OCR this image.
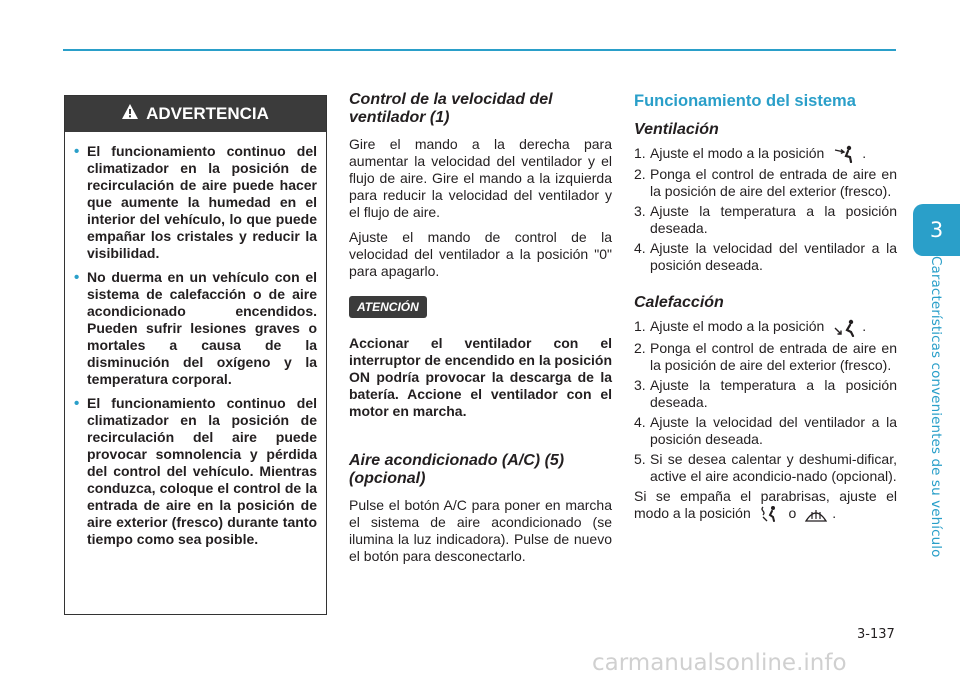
3
Características convenientes de su vehículo
ADVERTENCIA
• El funcionamiento continuo del climatizador en la posición de recirculación de aire puede hacer que aumente la humedad en el interior del vehículo, lo que puede empañar los cristales y reducir la visibilidad.
• No duerma en un vehículo con el sistema de calefacción o de aire acondicionado encendidos. Pueden sufrir lesiones graves o mortales a causa de la disminución del oxígeno y la temperatura corporal.
• El funcionamiento continuo del climatizador en la posición de recirculación del aire puede provocar somnolencia y pérdida del control del vehículo. Mientras conduzca, coloque el control de la entrada de aire en la posición de aire exterior (fresco) durante tanto tiempo como sea posible.
Control de la velocidad del ventilador (1)

Gire el mando a la derecha para aumentar la velocidad del ventilador y el flujo de aire. Gire el mando a la izquierda para reducir la velocidad del ventilador y el flujo de aire.

Ajuste el mando de control de la velocidad del ventilador a la posición "0" para apagarlo.

ATENCIÓN

Accionar el ventilador con el interruptor de encendido en la posición ON podría provocar la descarga de la batería. Accione el ventilador con el motor en marcha.

Aire acondicionado (A/C) (5) (opcional)

Pulse el botón A/C para poner en marcha el sistema de aire acondicionado (se ilumina la luz indicadora). Pulse de nuevo el botón para desconectarlo.

Funcionamiento del sistema
Ventilación
1. Ajuste el modo a la posición	.
2. Ponga el control de entrada de aire en la posición de aire del exterior (fresco).
3. Ajuste la temperatura a la posición deseada.
4. Ajuste la velocidad del ventilador a la posición deseada.
Calefacción
1. Ajuste el modo a la posición	.
2. Ponga el control de entrada de aire en la posición de aire del exterior (fresco).
3. Ajuste la temperatura a la posición deseada.
4. Ajuste la velocidad del ventilador a la posición deseada.
5. Si se desea calentar y deshumi-dificar, active el aire acondicio-nado (opcional).

Si se empaña el parabrisas, ajuste el modo a la posición	o	.

3-137
carmanualsonline.info
